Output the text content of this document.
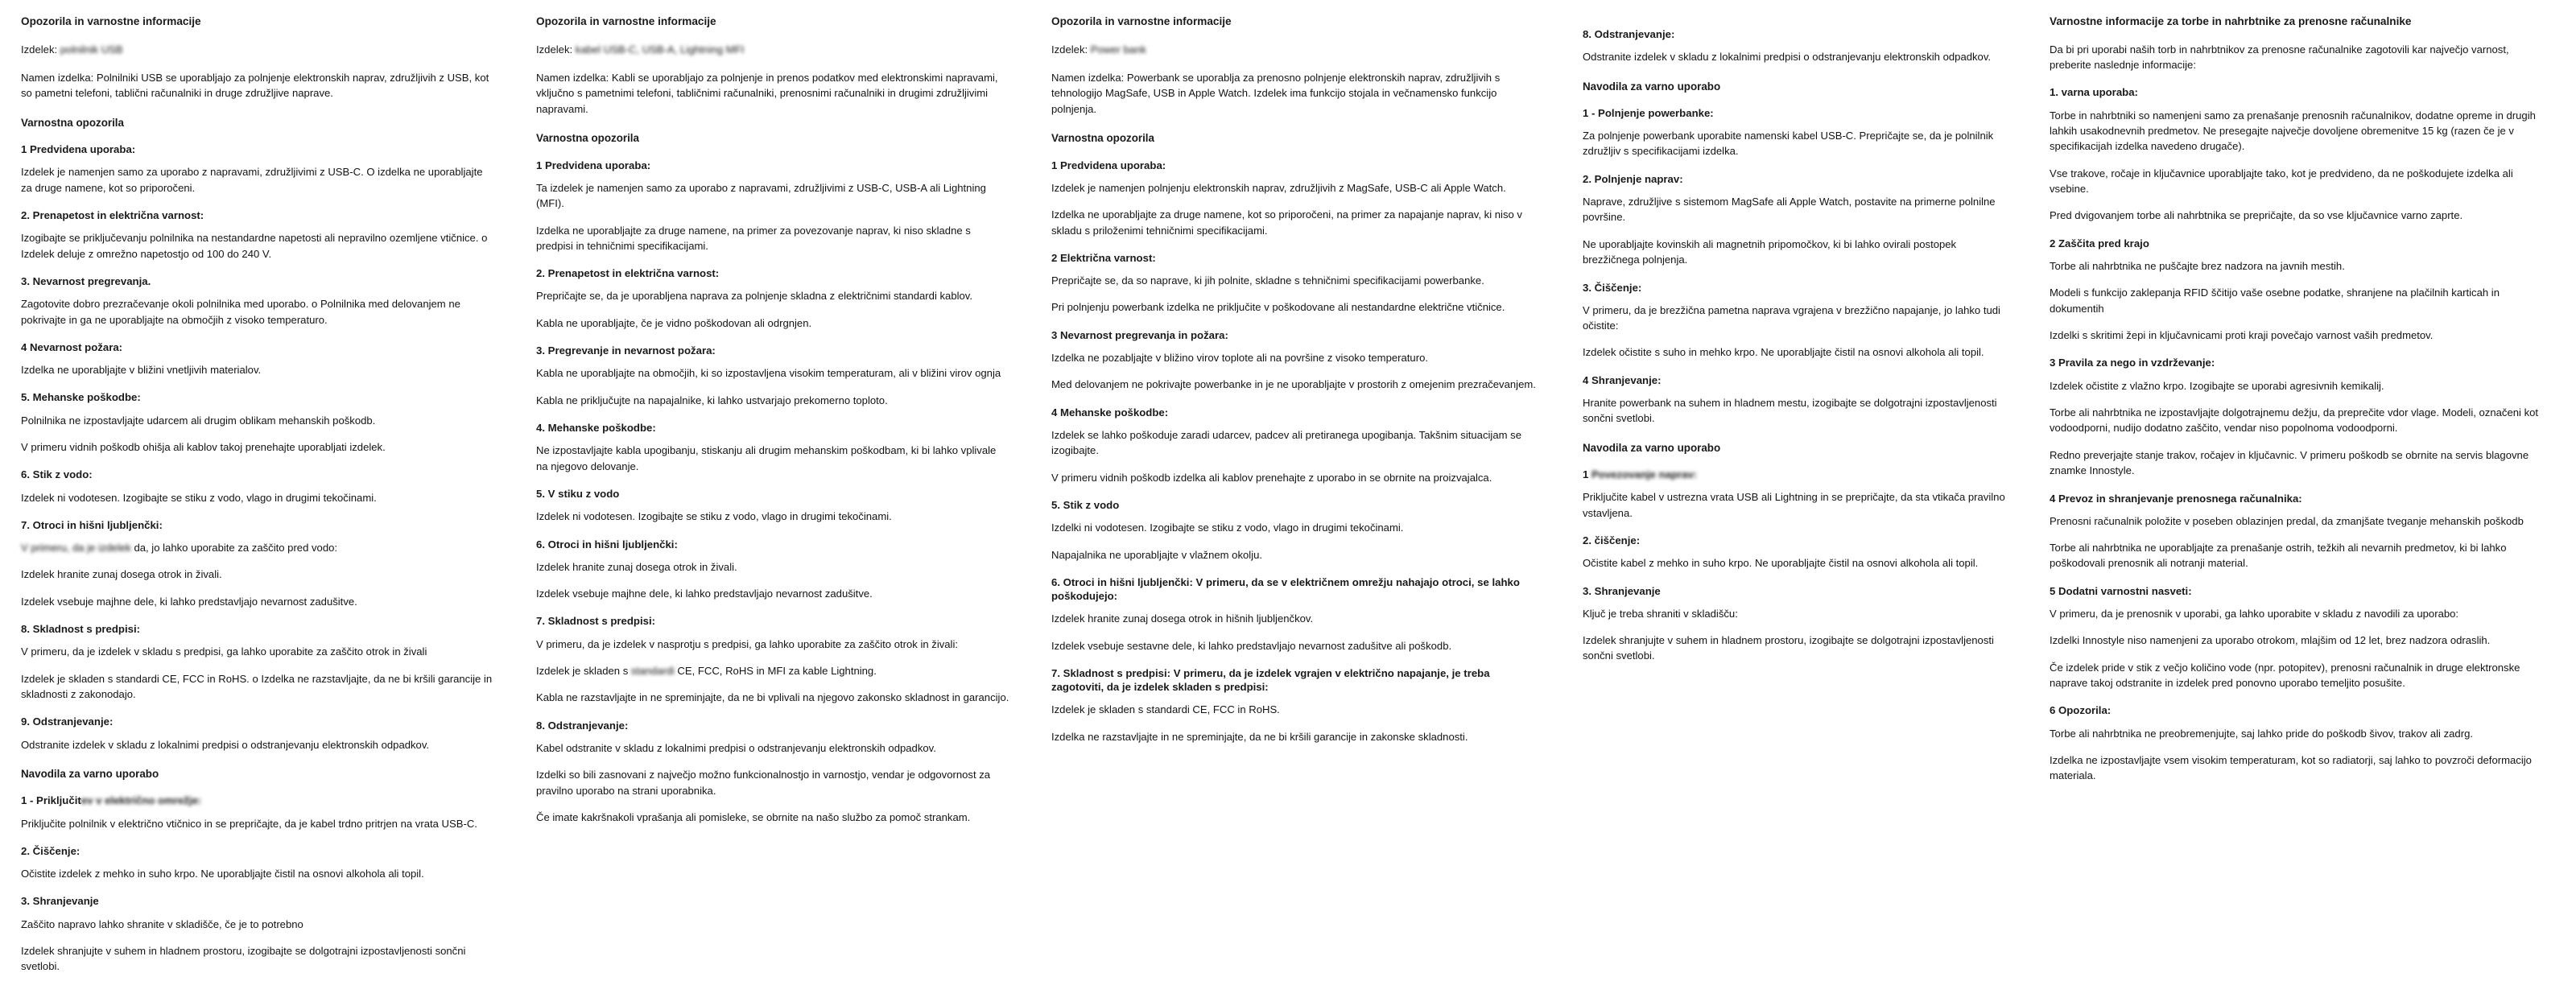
Opozorila in varnostne informacije

Izdelek: polnilnik USB

Namen izdelka: Polnilniki USB se uporabljajo za polnjenje elektronskih naprav, združljivih z USB, kot so pametni telefoni, tablični računalniki in druge združljive naprave.

Varnostna opozorila
1 Predvidena uporaba:

Izdelek je namenjen samo za uporabo z napravami, združljivimi z USB-C. O izdelka ne uporabljajte za druge namene, kot so priporočeni.

2. Prenapetost in električna varnost:

Izogibajte se priključevanju polnilnika na nestandardne napetosti ali nepravilno ozemljene vtičnice. o Izdelek deluje z omrežno napetostjo od 100 do 240 V.

3. Nevarnost pregrevanja.

Zagotovite dobro prezračevanje okoli polnilnika med uporabo. o Polnilnika med delovanjem ne pokrivajte in ga ne uporabljajte na območjih z visoko temperaturo.

4 Nevarnost požara:

Izdelka ne uporabljajte v bližini vnetljivih materialov.

5. Mehanske poškodbe:

Polnilnika ne izpostavljajte udarcem ali drugim oblikam mehanskih poškodb.

V primeru vidnih poškodb ohišja ali kablov takoj prenehajte uporabljati izdelek.

6. Stik z vodo:

Izdelek ni vodotesen. Izogibajte se stiku z vodo, vlago in drugimi tekočinami.

7. Otroci in hišni ljubljenčki:

V primeru, da je izdelek da, jo lahko uporabite za zaščito pred vodo:

Izdelek hranite zunaj dosega otrok in živali.

Izdelek vsebuje majhne dele, ki lahko predstavljajo nevarnost zadušitve.

8. Skladnost s predpisi:

V primeru, da je izdelek v skladu s predpisi, ga lahko uporabite za zaščito otrok in živali

Izdelek je skladen s standardi CE, FCC in RoHS. o Izdelka ne razstavljajte, da ne bi kršili garancije in skladnosti z zakonodajo.

9. Odstranjevanje:

Odstranite izdelek v skladu z lokalnimi predpisi o odstranjevanju elektronskih odpadkov.

Navodila za varno uporabo
1 - Priključitev v električno omrežje:

Priključite polnilnik v električno vtičnico in se prepričajte, da je kabel trdno pritrjen na vrata USB-C.

2. Čiščenje:

Očistite izdelek z mehko in suho krpo. Ne uporabljajte čistil na osnovi alkohola ali topil.

3. Shranjevanje

Zaščito napravo lahko shranite v skladišče, če je to potrebno

Izdelek shranjujte v suhem in hladnem prostoru, izogibajte se dolgotrajni izpostavljenosti sončni svetlobi.

Opozorila in varnostne informacije

Izdelek: kabel USB-C, USB-A, Lightning MFI

Namen izdelka: Kabli se uporabljajo za polnjenje in prenos podatkov med elektronskimi napravami, vključno s pametnimi telefoni, tabličnimi računalniki, prenosnimi računalniki in drugimi združljivimi napravami.

Varnostna opozorila
1 Predvidena uporaba:

Ta izdelek je namenjen samo za uporabo z napravami, združljivimi z USB-C, USB-A ali Lightning (MFI).

Izdelka ne uporabljajte za druge namene, na primer za povezovanje naprav, ki niso skladne s predpisi in tehničnimi specifikacijami.

2. Prenapetost in električna varnost:

Prepričajte se, da je uporabljena naprava za polnjenje skladna z električnimi standardi kablov.

Kabla ne uporabljajte, če je vidno poškodovan ali odrgnjen.

3. Pregrevanje in nevarnost požara:

Kabla ne uporabljajte na območjih, ki so izpostavljena visokim temperaturam, ali v bližini virov ognja

Kabla ne priključujte na napajalnike, ki lahko ustvarjajo prekomerno toploto.

4. Mehanske poškodbe:

Ne izpostavljajte kabla upogibanju, stiskanju ali drugim mehanskim poškodbam, ki bi lahko vplivale na njegovo delovanje.

5. V stiku z vodo

Izdelek ni vodotesen. Izogibajte se stiku z vodo, vlago in drugimi tekočinami.

6. Otroci in hišni ljubljenčki:

Izdelek hranite zunaj dosega otrok in živali.

Izdelek vsebuje majhne dele, ki lahko predstavljajo nevarnost zadušitve.

7. Skladnost s predpisi:

V primeru, da je izdelek v nasprotju s predpisi, ga lahko uporabite za zaščito otrok in živali:

Izdelek je skladen s standardi CE, FCC, RoHS in MFI za kable Lightning.

Kabla ne razstavljajte in ne spreminjajte, da ne bi vplivali na njegovo zakonsko skladnost in garancijo.

8. Odstranjevanje:

Kabel odstranite v skladu z lokalnimi predpisi o odstranjevanju elektronskih odpadkov.

Izdelki so bili zasnovani z največjo možno funkcionalnostjo in varnostjo, vendar je odgovornost za pravilno uporabo na strani uporabnika.

Če imate kakršnakoli vprašanja ali pomisleke, se obrnite na našo službo za pomoč strankam.

Opozorila in varnostne informacije

Izdelek: Power bank

Namen izdelka: Powerbank se uporablja za prenosno polnjenje elektronskih naprav, združljivih s tehnologijo MagSafe, USB in Apple Watch. Izdelek ima funkcijo stojala in večnamensko funkcijo polnjenja.

Varnostna opozorila
1 Predvidena uporaba:

Izdelek je namenjen polnjenju elektronskih naprav, združljivih z MagSafe, USB-C ali Apple Watch.

Izdelka ne uporabljajte za druge namene, kot so priporočeni, na primer za napajanje naprav, ki niso v skladu s priloženimi tehničnimi specifikacijami.

2 Električna varnost:

Prepričajte se, da so naprave, ki jih polnite, skladne s tehničnimi specifikacijami powerbanke.

Pri polnjenju powerbank izdelka ne priključite v poškodovane ali nestandardne električne vtičnice.

3 Nevarnost pregrevanja in požara:

Izdelka ne pozabljajte v bližino virov toplote ali na površine z visoko temperaturo.

Med delovanjem ne pokrivajte powerbanke in je ne uporabljajte v prostorih z omejenim prezračevanjem.

4 Mehanske poškodbe:

Izdelek se lahko poškoduje zaradi udarcev, padcev ali pretiranega upogibanja. Takšnim situacijam se izogibajte.

V primeru vidnih poškodb izdelka ali kablov prenehajte z uporabo in se obrnite na proizvajalca.

5. Stik z vodo

Izdelki ni vodotesen. Izogibajte se stiku z vodo, vlago in drugimi tekočinami.

Napajalnika ne uporabljajte v vlažnem okolju.

6. Otroci in hišni ljubljenčki: V primeru, da se v električnem omrežju nahajajo otroci, se lahko poškodujejo:

Izdelek hranite zunaj dosega otrok in hišnih ljubljenčkov.

Izdelek vsebuje sestavne dele, ki lahko predstavljajo nevarnost zadušitve ali poškodb.

7. Skladnost s predpisi: V primeru, da je izdelek vgrajen v električno napajanje, je treba zagotoviti, da je izdelek skladen s predpisi:

Izdelek je skladen s standardi CE, FCC in RoHS.

Izdelka ne razstavljajte in ne spreminjajte, da ne bi kršili garancije in zakonske skladnosti.

8. Odstranjevanje:

Odstranite izdelek v skladu z lokalnimi predpisi o odstranjevanju elektronskih odpadkov.

Navodila za varno uporabo
1 - Polnjenje powerbanke:

Za polnjenje powerbank uporabite namenski kabel USB-C. Prepričajte se, da je polnilnik združljiv s specifikacijami izdelka.

2. Polnjenje naprav:

Naprave, združljive s sistemom MagSafe ali Apple Watch, postavite na primerne polnilne površine.

Ne uporabljajte kovinskih ali magnetnih pripomočkov, ki bi lahko ovirali postopek brezžičnega polnjenja.

3. Čiščenje:

V primeru, da je brezžična pametna naprava vgrajena v brezžično napajanje, jo lahko tudi očistite:

Izdelek očistite s suho in mehko krpo. Ne uporabljajte čistil na osnovi alkohola ali topil.

4 Shranjevanje:

Hranite powerbank na suhem in hladnem mestu, izogibajte se dolgotrajni izpostavljenosti sončni svetlobi.

Navodila za varno uporabo
1 Povezovanje naprav:

Priključite kabel v ustrezna vrata USB ali Lightning in se prepričajte, da sta vtikača pravilno vstavljena.

2. čiščenje:

Očistite kabel z mehko in suho krpo. Ne uporabljajte čistil na osnovi alkohola ali topil.

3. Shranjevanje

Ključ je treba shraniti v skladišču:

Izdelek shranjujte v suhem in hladnem prostoru, izogibajte se dolgotrajni izpostavljenosti sončni svetlobi.

Varnostne informacije za torbe in nahrbtnike za prenosne računalnike

Da bi pri uporabi naših torb in nahrbtnikov za prenosne računalnike zagotovili kar največjo varnost, preberite naslednje informacije:

1. varna uporaba:

Torbe in nahrbtniki so namenjeni samo za prenašanje prenosnih računalnikov, dodatne opreme in drugih lahkih usakodnevnih predmetov. Ne presegajte največje dovoljene obremenitve 15 kg (razen če je v specifikacijah izdelka navedeno drugače).

Vse trakove, ročaje in ključavnice uporabljajte tako, kot je predvideno, da ne poškodujete izdelka ali vsebine.

Pred dvigovanjem torbe ali nahrbtnika se prepričajte, da so vse ključavnice varno zaprte.

2 Zaščita pred krajo

Torbe ali nahrbtnika ne puščajte brez nadzora na javnih mestih.

Modeli s funkcijo zaklepanja RFID ščitijo vaše osebne podatke, shranjene na plačilnih karticah in dokumentih

Izdelki s skritimi žepi in ključavnicami proti kraji povečajo varnost vaših predmetov.

3 Pravila za nego in vzdrževanje:

Izdelek očistite z vlažno krpo. Izogibajte se uporabi agresivnih kemikalij.

Torbe ali nahrbtnika ne izpostavljajte dolgotrajnemu dežju, da preprečite vdor vlage. Modeli, označeni kot vodoodporni, nudijo dodatno zaščito, vendar niso popolnoma vodoodporni.

Redno preverjajte stanje trakov, ročajev in ključavnic. V primeru poškodb se obrnite na servis blagovne znamke Innostyle.

4 Prevoz in shranjevanje prenosnega računalnika:

Prenosni računalnik položite v poseben oblazinjen predal, da zmanjšate tveganje mehanskih poškodb

Torbe ali nahrbtnika ne uporabljajte za prenašanje ostrih, težkih ali nevarnih predmetov, ki bi lahko poškodovali prenosnik ali notranji material.

5 Dodatni varnostni nasveti:

V primeru, da je prenosnik v uporabi, ga lahko uporabite v skladu z navodili za uporabo:

Izdelki Innostyle niso namenjeni za uporabo otrokom, mlajšim od 12 let, brez nadzora odraslih.

Če izdelek pride v stik z večjo količino vode (npr. potopitev), prenosni računalnik in druge elektronske naprave takoj odstranite in izdelek pred ponovno uporabo temeljito posušite.

6 Opozorila:

Torbe ali nahrbtnika ne preobremenjujte, saj lahko pride do poškodb šivov, trakov ali zadrg.

Izdelka ne izpostavljajte vsem visokim temperaturam, kot so radiatorji, saj lahko to povzroči deformacijo materiala.
